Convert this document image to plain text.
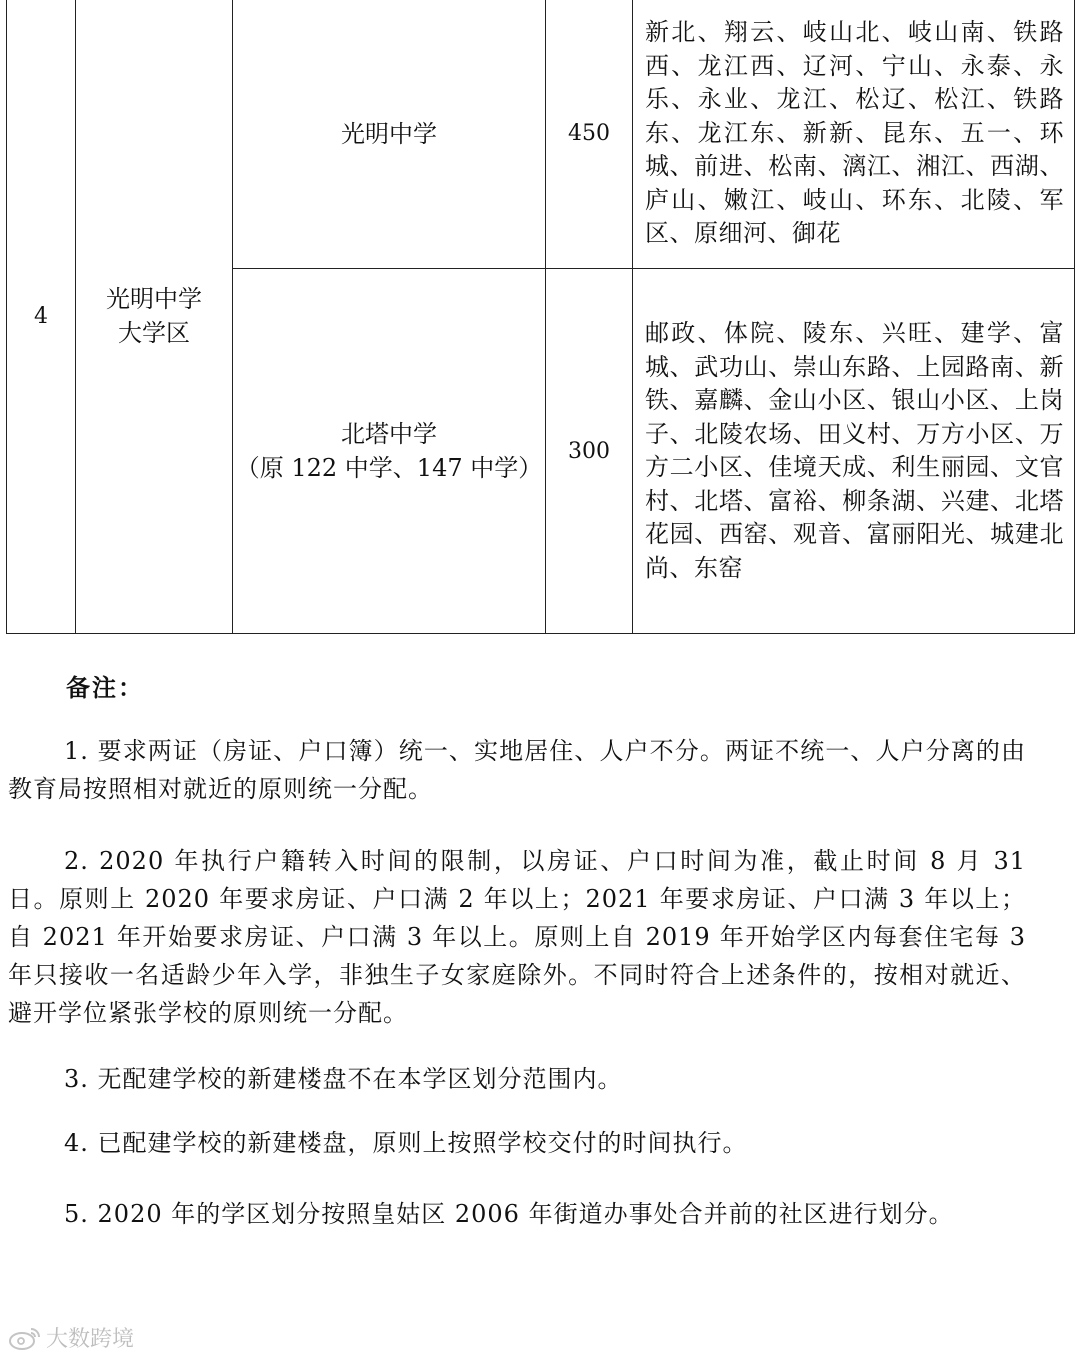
4	光明中学大学区	光明中学	450	新北、翔云、岐山北、岐山南、铁路西、龙江西、辽河、宁山、永泰、永乐、永业、龙江、松辽、松江、铁路东、龙江东、新新、昆东、五一、环城、前进、松南、漓江、湘江、西湖、庐山、嫩江、岐山、环东、北陵、军区、原细河、御花

		北塔中学
（原 122 中学、147 中学）	300	邮政、体院、陵东、兴旺、建学、富城、武功山、崇山东路、上园路南、新铁、嘉麟、金山小区、银山小区、上岗子、北陵农场、田义村、万方小区、万方二小区、佳境天成、利生丽园、文官村、北塔、富裕、柳条湖、兴建、北塔花园、西窑、观音、富丽阳光、城建北尚、东窑
备注：
1. 要求两证（房证、户口簿）统一、实地居住、人户不分。两证不统一、人户分离的由教育局按照相对就近的原则统一分配。
2. 2020 年执行户籍转入时间的限制，以房证、户口时间为准，截止时间 8 月 31 日。原则上 2020 年要求房证、户口满 2 年以上；2021 年要求房证、户口满 3 年以上；自 2021 年开始要求房证、户口满 3 年以上。原则上自 2019 年开始学区内每套住宅每 3 年只接收一名适龄少年入学，非独生子女家庭除外。不同时符合上述条件的，按相对就近、避开学位紧张学校的原则统一分配。
3. 无配建学校的新建楼盘不在本学区划分范围内。
4. 已配建学校的新建楼盘，原则上按照学校交付的时间执行。
5. 2020 年的学区划分按照皇姑区 2006 年街道办事处合并前的社区进行划分。
大数跨境
